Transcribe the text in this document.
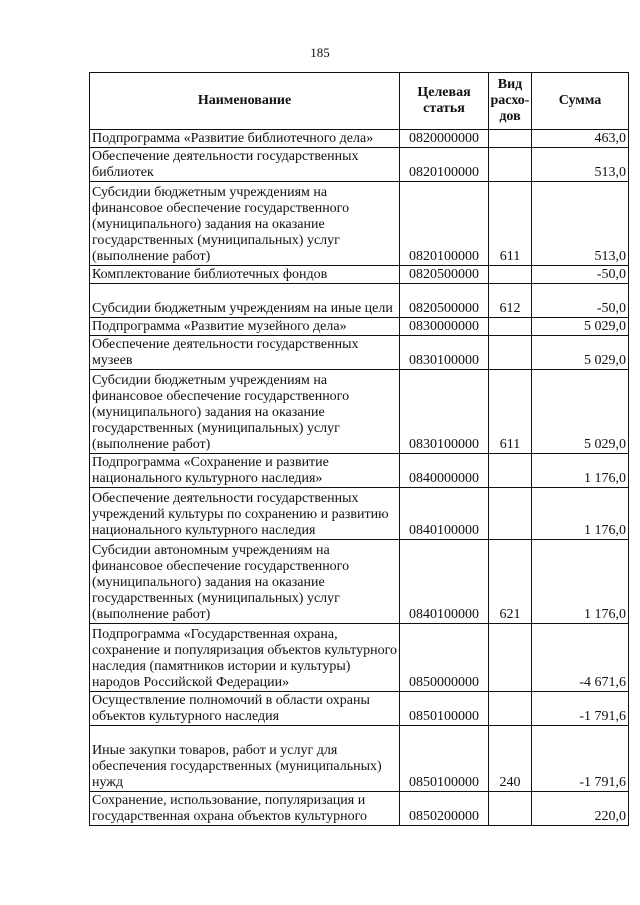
185
Наименование	Целевая статья	Вид расхо-дов	Сумма
Подпрограмма «Развитие библиотечного дела»	0820000000		463,0
Обеспечение деятельности государственных библиотек	0820100000		513,0
Субсидии бюджетным учреждениям на финансовое обеспечение государственного (муниципального) задания на оказание государственных (муниципальных) услуг (выполнение работ)	0820100000	611	513,0
Комплектование библиотечных фондов	0820500000		-50,0
Субсидии бюджетным учреждениям на иные цели	0820500000	612	-50,0
Подпрограмма «Развитие музейного дела»	0830000000		5 029,0
Обеспечение деятельности государственных музеев	0830100000		5 029,0
Субсидии бюджетным учреждениям на финансовое обеспечение государственного (муниципального) задания на оказание государственных (муниципальных) услуг (выполнение работ)	0830100000	611	5 029,0
Подпрограмма «Сохранение и развитие национального культурного наследия»	0840000000		1 176,0
Обеспечение деятельности государственных учреждений культуры по сохранению и развитию национального культурного наследия	0840100000		1 176,0
Субсидии автономным учреждениям на финансовое обеспечение государственного (муниципального) задания на оказание государственных (муниципальных) услуг (выполнение работ)	0840100000	621	1 176,0
Подпрограмма «Государственная охрана, сохранение и популяризация объектов культурного наследия (памятников истории и культуры) народов Российской Федерации»	0850000000		-4 671,6
Осуществление полномочий в области охраны объектов культурного наследия	0850100000		-1 791,6
Иные закупки товаров, работ и услуг для обеспечения государственных (муниципальных) нужд	0850100000	240	-1 791,6
Сохранение, использование, популяризация и государственная охрана объектов культурного	0850200000		220,0
